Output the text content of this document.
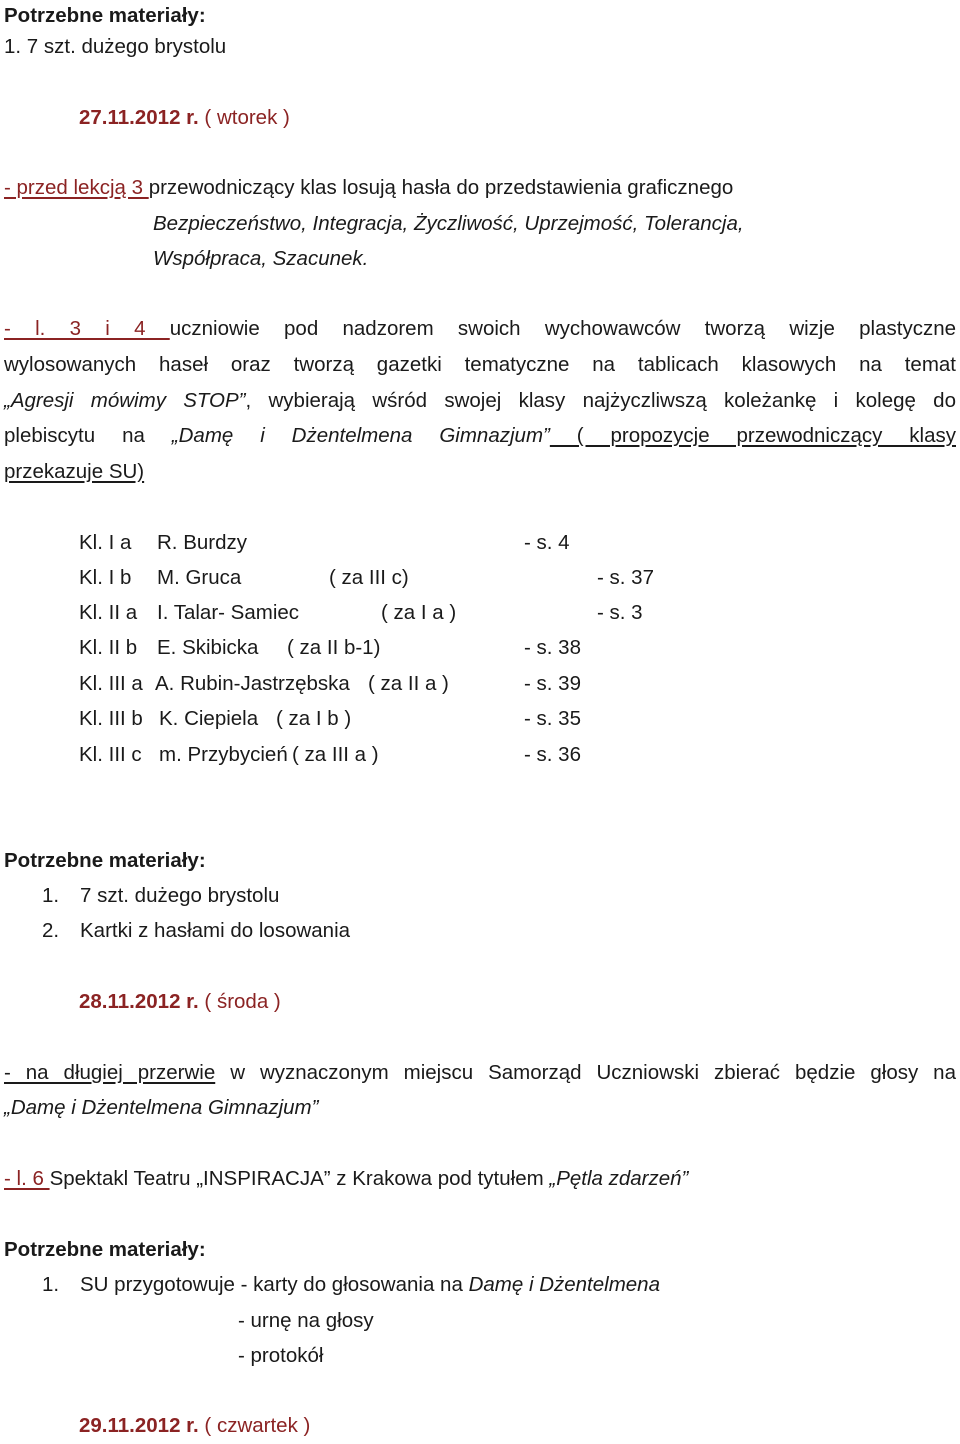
Potrzebne materiały:
1. 7 szt. dużego brystolu
27.11.2012 r. ( wtorek )
- przed lekcją 3 przewodniczący klas losują hasła do przedstawienia graficznego
Bezpieczeństwo, Integracja, Życzliwość, Uprzejmość, Tolerancja,
Współpraca, Szacunek.
- l. 3 i 4 uczniowie pod nadzorem swoich wychowawców tworzą wizje plastyczne
wylosowanych haseł oraz tworzą gazetki tematyczne na tablicach klasowych na temat
„Agresji mówimy STOP”, wybierają wśród swojej klasy najżyczliwszą koleżankę i kolegę do
plebiscytu na „Damę i Dżentelmena Gimnazjum” ( propozycje przewodniczący klasy
przekazuje SU)
Kl. I a R. Burdzy	- s. 4
Kl. I b M. Gruca	( za III c)	- s. 37
Kl. II a I. Talar- Samiec	( za I a )	- s. 3
Kl. II b E. Skibicka ( za II b-1)	- s. 38
Kl. III a A. Rubin-Jastrzębska ( za II a )	- s. 39
Kl. III b K. Ciepiela ( za I b )	- s. 35
Kl. III c m. Przybycień ( za III a )	- s. 36
Potrzebne materiały:
1. 7 szt. dużego brystolu
2. Kartki z hasłami do losowania
28.11.2012 r. ( środa )
- na długiej przerwie w wyznaczonym miejscu Samorząd Uczniowski zbierać będzie głosy na
„Damę i Dżentelmena Gimnazjum”
- l. 6 Spektakl Teatru „INSPIRACJA” z Krakowa pod tytułem „Pętla zdarzeń”
Potrzebne materiały:
1. SU przygotowuje - karty do głosowania na Damę i Dżentelmena
- urnę na głosy
- protokół
29.11.2012 r. ( czwartek )
